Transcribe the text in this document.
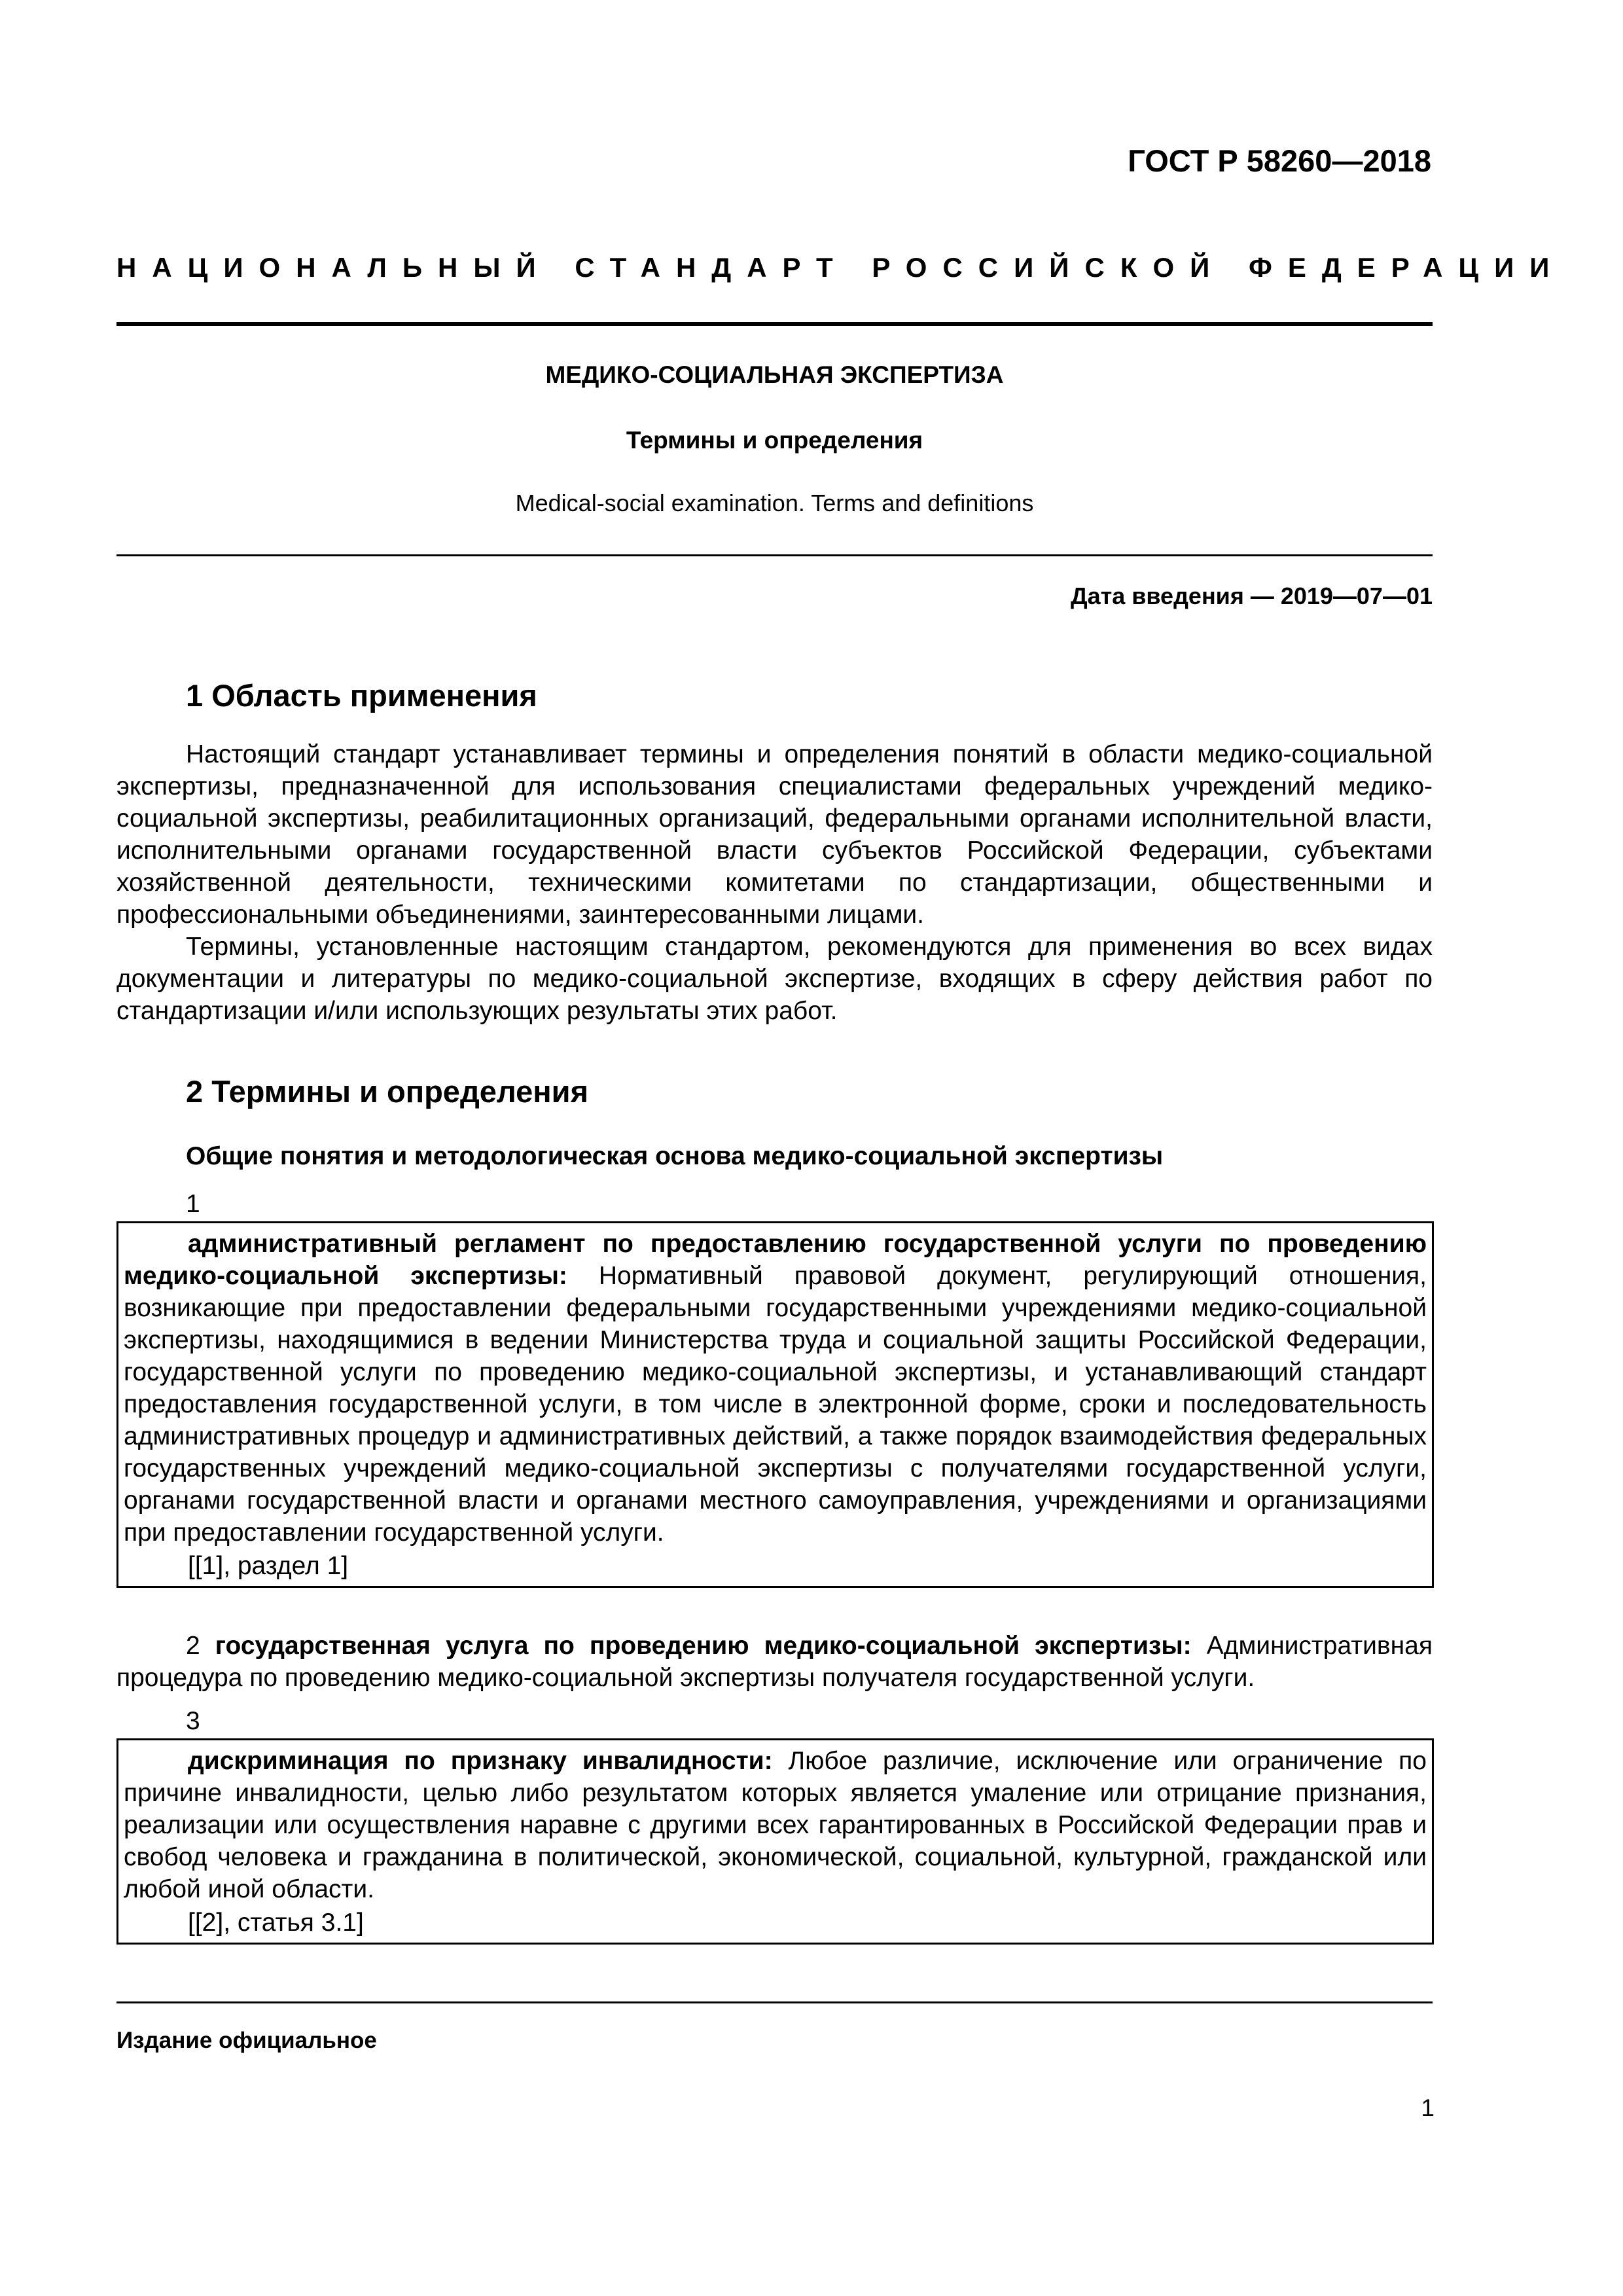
ГОСТ Р 58260—2018
НАЦИОНАЛЬНЫЙ СТАНДАРТ РОССИЙСКОЙ ФЕДЕРАЦИИ
МЕДИКО-СОЦИАЛЬНАЯ ЭКСПЕРТИЗА
Термины и определения
Medical-social examination. Terms and definitions
Дата введения — 2019—07—01
1 Область применения

Настоящий стандарт устанавливает термины и определения понятий в области медико-социальной экспертизы, предназначенной для использования специалистами федеральных учреждений медико-социальной экспертизы, реабилитационных организаций, федеральными органами исполнительной власти, исполнительными органами государственной власти субъектов Российской Федерации, субъектами хозяйственной деятельности, техническими комитетами по стандартизации, общественными и профессиональными объединениями, заинтересованными лицами.

Термины, установленные настоящим стандартом, рекомендуются для применения во всех видах документации и литературы по медико-социальной экспертизе, входящих в сферу действия работ по стандартизации и/или использующих результаты этих работ.

2 Термины и определения
Общие понятия и методологическая основа медико-социальной экспертизы
1

административный регламент по предоставлению государственной услуги по проведению медико-социальной экспертизы: Нормативный правовой документ, регулирующий отношения, возникающие при предоставлении федеральными государственными учреждениями медико-социальной экспертизы, находящимися в ведении Министерства труда и социальной защиты Российской Федерации, государственной услуги по проведению медико-социальной экспертизы, и устанавливающий стандарт предоставления государственной услуги, в том числе в электронной форме, сроки и последовательность административных процедур и административных действий, а также порядок взаимодействия федеральных государственных учреждений медико-социальной экспертизы с получателями государственной услуги, органами государственной власти и органами местного самоуправления, учреждениями и организациями при предоставлении государственной услуги.

[[1], раздел 1]

2 государственная услуга по проведению медико-социальной экспертизы: Административная процедура по проведению медико-социальной экспертизы получателя государственной услуги.

3

дискриминация по признаку инвалидности: Любое различие, исключение или ограничение по причине инвалидности, целью либо результатом которых является умаление или отрицание признания, реализации или осуществления наравне с другими всех гарантированных в Российской Федерации прав и свобод человека и гражданина в политической, экономической, социальной, культурной, гражданской или любой иной области.

[[2], статья 3.1]

Издание официальное
1
